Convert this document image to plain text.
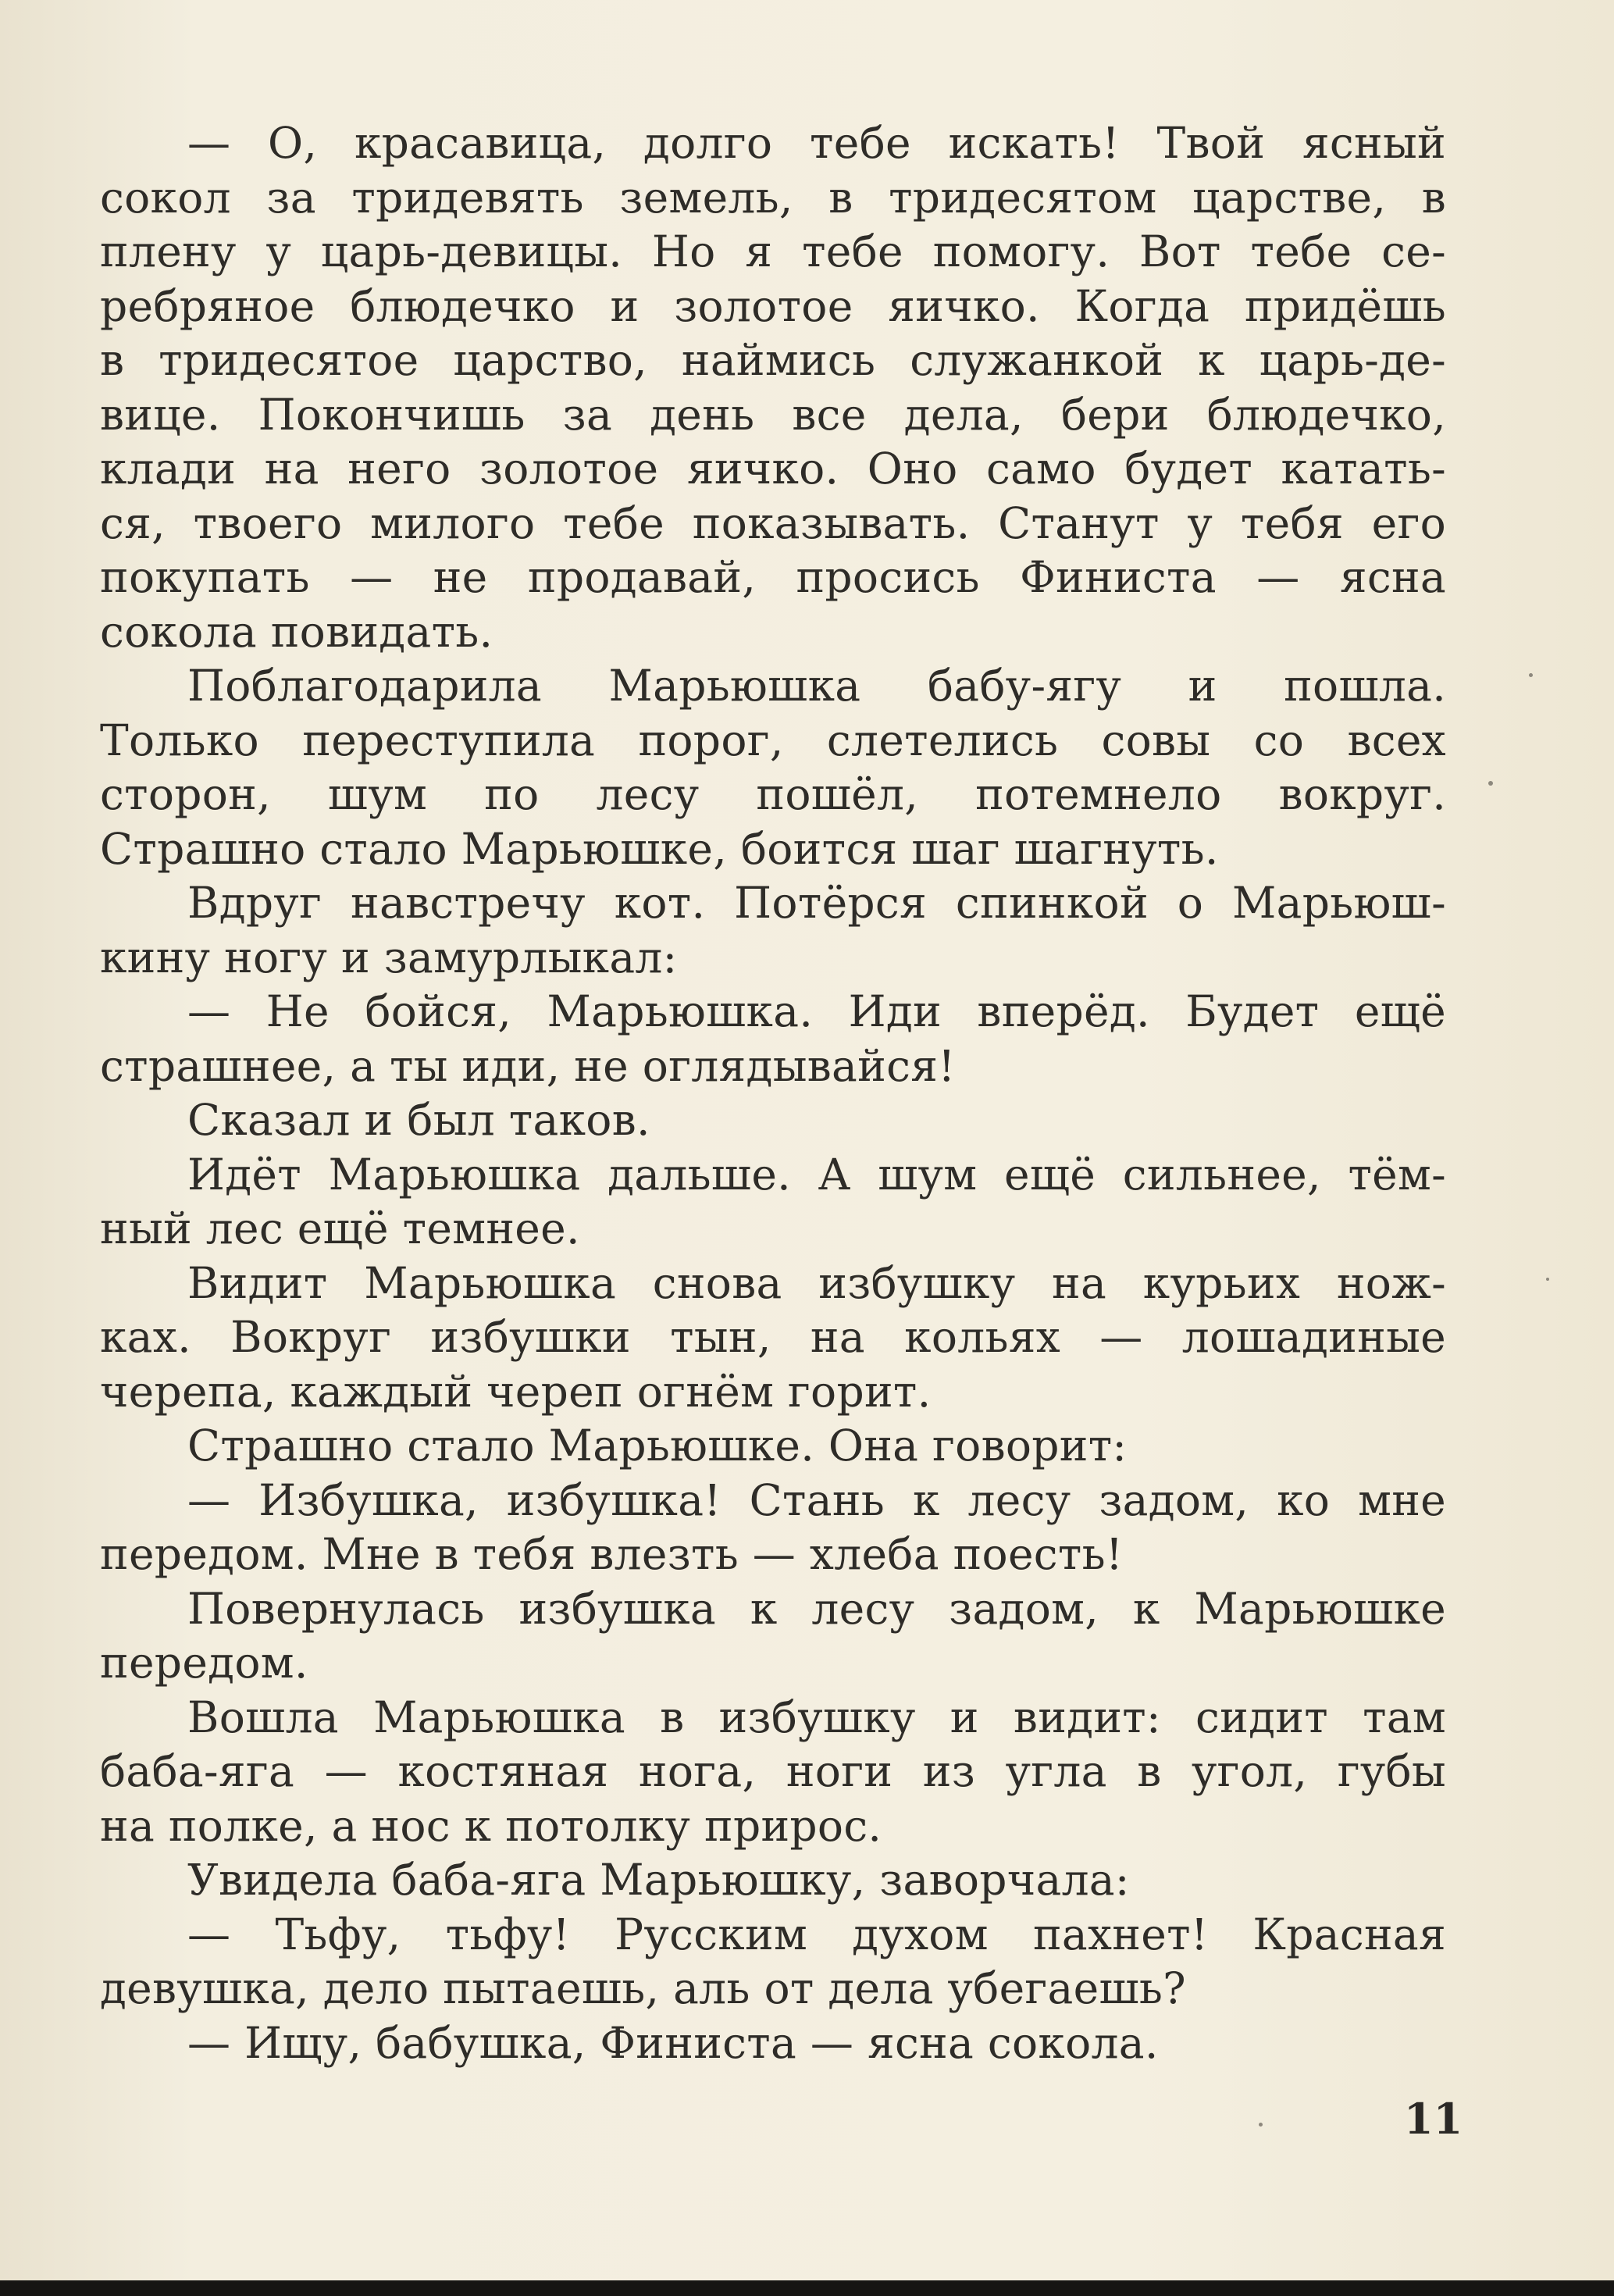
— О, красавица, долго тебе искать! Твой ясный
сокол за тридевять земель, в тридесятом царстве, в
плену у царь-девицы. Но я тебе помогу. Вот тебе се-
ребряное блюдечко и золотое яичко. Когда придёшь
в тридесятое царство, наймись служанкой к царь-де-
вице. Покончишь за день все дела, бери блюдечко,
клади на него золотое яичко. Оно само будет катать-
ся, твоего милого тебе показывать. Станут у тебя его
покупать — не продавай, просись Финиста — ясна
сокола повидать.
Поблагодарила Марьюшка бабу-ягу и пошла.
Только переступила порог, слетелись совы со всех
сторон, шум по лесу пошёл, потемнело вокруг.
Страшно стало Марьюшке, боится шаг шагнуть.
Вдруг навстречу кот. Потёрся спинкой о Марьюш-
кину ногу и замурлыкал:
— Не бойся, Марьюшка. Иди вперёд. Будет ещё
страшнее, а ты иди, не оглядывайся!
Сказал и был таков.
Идёт Марьюшка дальше. А шум ещё сильнее, тём-
ный лес ещё темнее.
Видит Марьюшка снова избушку на курьих нож-
ках. Вокруг избушки тын, на кольях — лошадиные
черепа, каждый череп огнём горит.
Страшно стало Марьюшке. Она говорит:
— Избушка, избушка! Стань к лесу задом, ко мне
передом. Мне в тебя влезть — хлеба поесть!
Повернулась избушка к лесу задом, к Марьюшке
передом.
Вошла Марьюшка в избушку и видит: сидит там
баба-яга — костяная нога, ноги из угла в угол, губы
на полке, а нос к потолку прирос.
Увидела баба-яга Марьюшку, заворчала:
— Тьфу, тьфу! Русским духом пахнет! Красная
девушка, дело пытаешь, аль от дела убегаешь?
— Ищу, бабушка, Финиста — ясна сокола.
11
